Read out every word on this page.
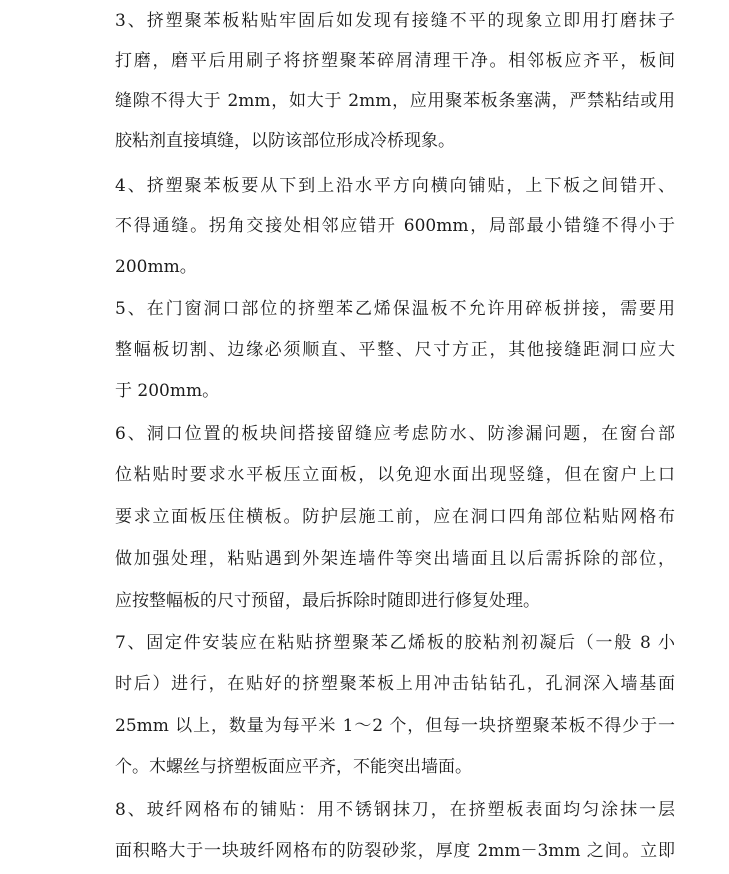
3、挤塑聚苯板粘贴牢固后如发现有接缝不平的现象立即用打磨抹子
打磨，磨平后用刷子将挤塑聚苯碎屑清理干净。相邻板应齐平，板间
缝隙不得大于 2mm，如大于 2mm，应用聚苯板条塞满，严禁粘结或用
胶粘剂直接填缝，以防该部位形成冷桥现象。
4、挤塑聚苯板要从下到上沿水平方向横向铺贴，上下板之间错开、
不得通缝。拐角交接处相邻应错开 600mm，局部最小错缝不得小于
200mm。
5、在门窗洞口部位的挤塑苯乙烯保温板不允许用碎板拼接，需要用
整幅板切割、边缘必须顺直、平整、尺寸方正，其他接缝距洞口应大
于 200mm。
6、洞口位置的板块间搭接留缝应考虑防水、防渗漏问题，在窗台部
位粘贴时要求水平板压立面板，以免迎水面出现竖缝，但在窗户上口
要求立面板压住横板。防护层施工前，应在洞口四角部位粘贴网格布
做加强处理，粘贴遇到外架连墙件等突出墙面且以后需拆除的部位，
应按整幅板的尺寸预留，最后拆除时随即进行修复处理。
7、固定件安装应在粘贴挤塑聚苯乙烯板的胶粘剂初凝后（一般 8 小
时后）进行，在贴好的挤塑聚苯板上用冲击钻钻孔，孔洞深入墙基面
25mm 以上，数量为每平米 1～2 个，但每一块挤塑聚苯板不得少于一
个。木螺丝与挤塑板面应平齐，不能突出墙面。
8、玻纤网格布的铺贴：用不锈钢抹刀，在挤塑板表面均匀涂抹一层
面积略大于一块玻纤网格布的防裂砂浆，厚度 2mm－3mm 之间。立即
